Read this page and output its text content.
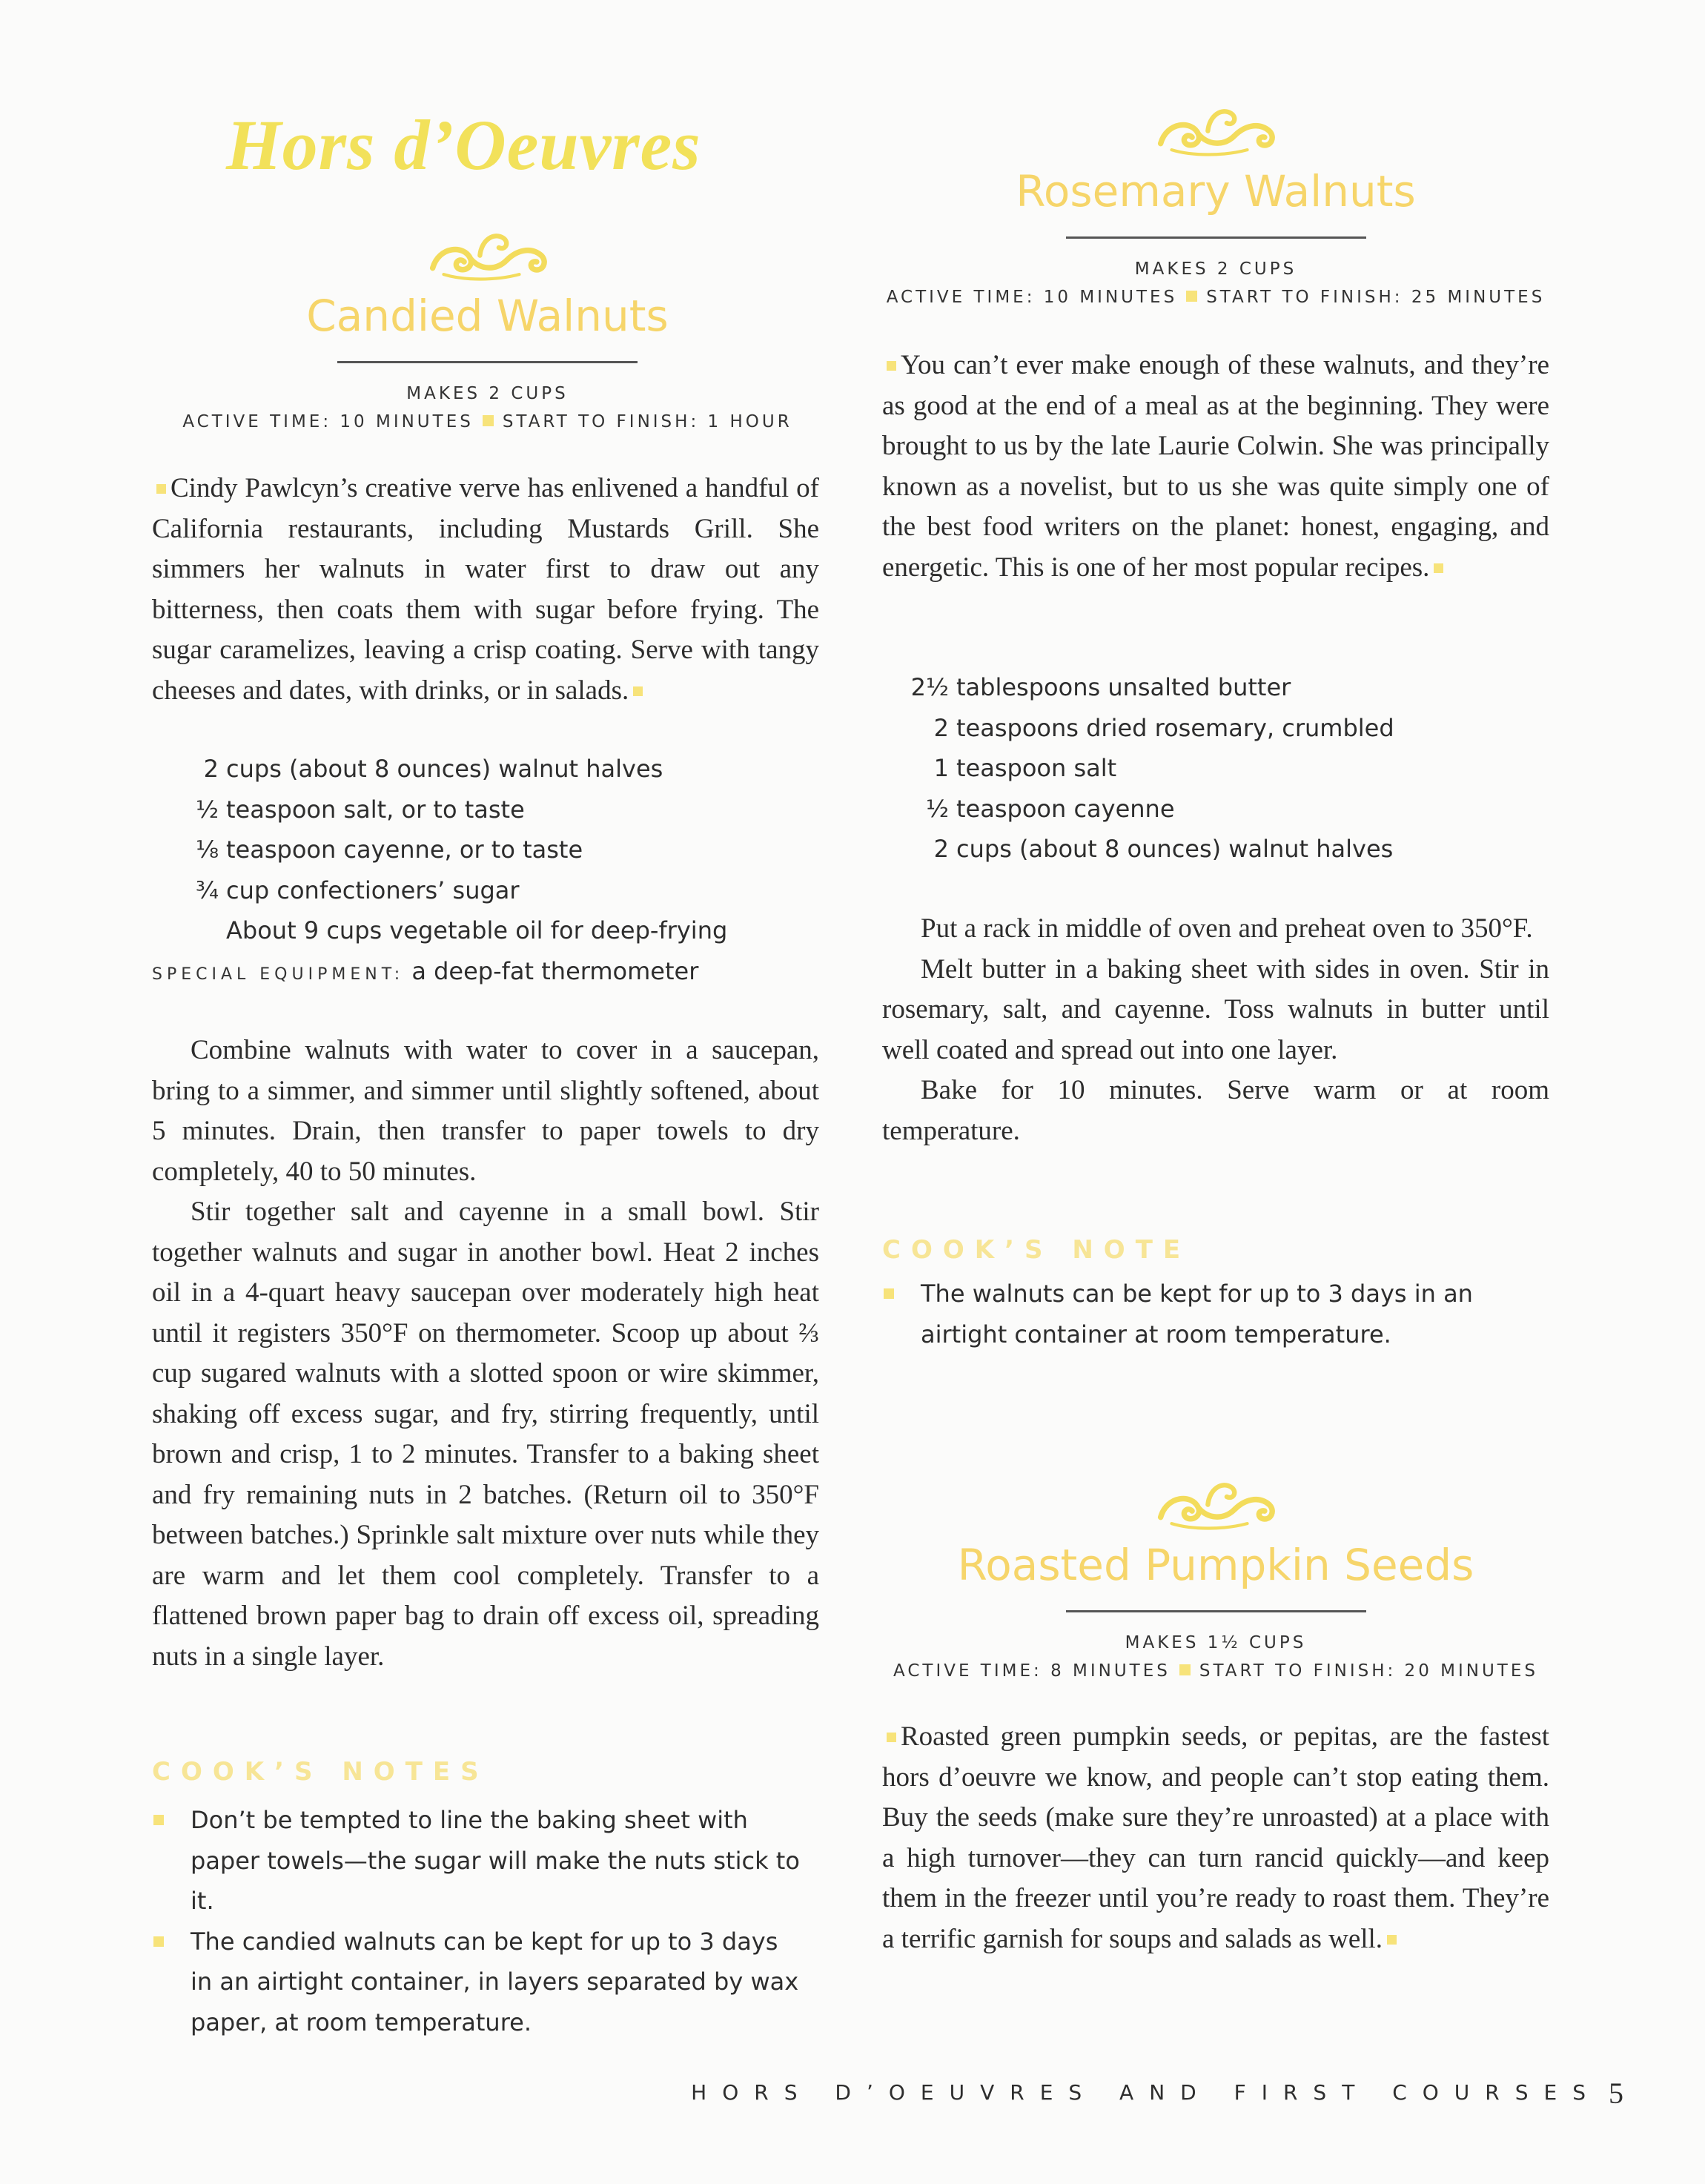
Hors d’Oeuvres
Candied Walnuts
MAKES 2 CUPS
ACTIVE TIME: 10 MINUTES START TO FINISH: 1 HOUR

Cindy Pawlcyn’s creative verve has enlivened a handful of California restaurants, including Mustards Grill. She simmers her walnuts in water first to draw out any bitterness, then coats them with sugar before frying. The sugar caramelizes, leaving a crisp coating. Serve with tangy cheeses and dates, with drinks, or in salads.

2 cups (about 8 ounces) walnut halves
½ teaspoon salt, or to taste
⅛ teaspoon cayenne, or to taste
¾ cup confectioners’ sugar
About 9 cups vegetable oil for deep-frying
SPECIAL EQUIPMENT: a deep-fat thermometer

Combine walnuts with water to cover in a saucepan, bring to a simmer, and simmer until slightly softened, about 5 minutes. Drain, then transfer to paper towels to dry completely, 40 to 50 minutes.

Stir together salt and cayenne in a small bowl. Stir together walnuts and sugar in another bowl. Heat 2 inches oil in a 4-quart heavy saucepan over moderately high heat until it registers 350°F on thermometer. Scoop up about ⅔ cup sugared walnuts with a slotted spoon or wire skimmer, shaking off excess sugar, and fry, stirring frequently, until brown and crisp, 1 to 2 minutes. Transfer to a baking sheet and fry remaining nuts in 2 batches. (Return oil to 350°F between batches.) Sprinkle salt mixture over nuts while they are warm and let them cool completely. Transfer to a flattened brown paper bag to drain off excess oil, spreading nuts in a single layer.

COOK’S NOTES

Don’t be tempted to line the baking sheet with paper towels—the sugar will make the nuts stick to it.

The candied walnuts can be kept for up to 3 days in an airtight container, in layers separated by wax paper, at room temperature.

Rosemary Walnuts
MAKES 2 CUPS
ACTIVE TIME: 10 MINUTES START TO FINISH: 25 MINUTES

You can’t ever make enough of these walnuts, and they’re as good at the end of a meal as at the beginning. They were brought to us by the late Laurie Colwin. She was principally known as a novelist, but to us she was quite simply one of the best food writers on the planet: honest, engaging, and energetic. This is one of her most popular recipes.

2½ tablespoons unsalted butter
2 teaspoons dried rosemary, crumbled
1 teaspoon salt
½ teaspoon cayenne
2 cups (about 8 ounces) walnut halves

Put a rack in middle of oven and preheat oven to 350°F.

Melt butter in a baking sheet with sides in oven. Stir in rosemary, salt, and cayenne. Toss walnuts in butter until well coated and spread out into one layer.

Bake for 10 minutes. Serve warm or at room temperature.

COOK’S NOTE

The walnuts can be kept for up to 3 days in an airtight container at room temperature.

Roasted Pumpkin Seeds
MAKES 1½ CUPS
ACTIVE TIME: 8 MINUTES START TO FINISH: 20 MINUTES

Roasted green pumpkin seeds, or pepitas, are the fastest hors d’oeuvre we know, and people can’t stop eating them. Buy the seeds (make sure they’re unroasted) at a place with a high turnover—they can turn rancid quickly—and keep them in the freezer until you’re ready to roast them. They’re a terrific garnish for soups and salads as well.

HORS D’OEUVRES AND FIRST COURSES 5
